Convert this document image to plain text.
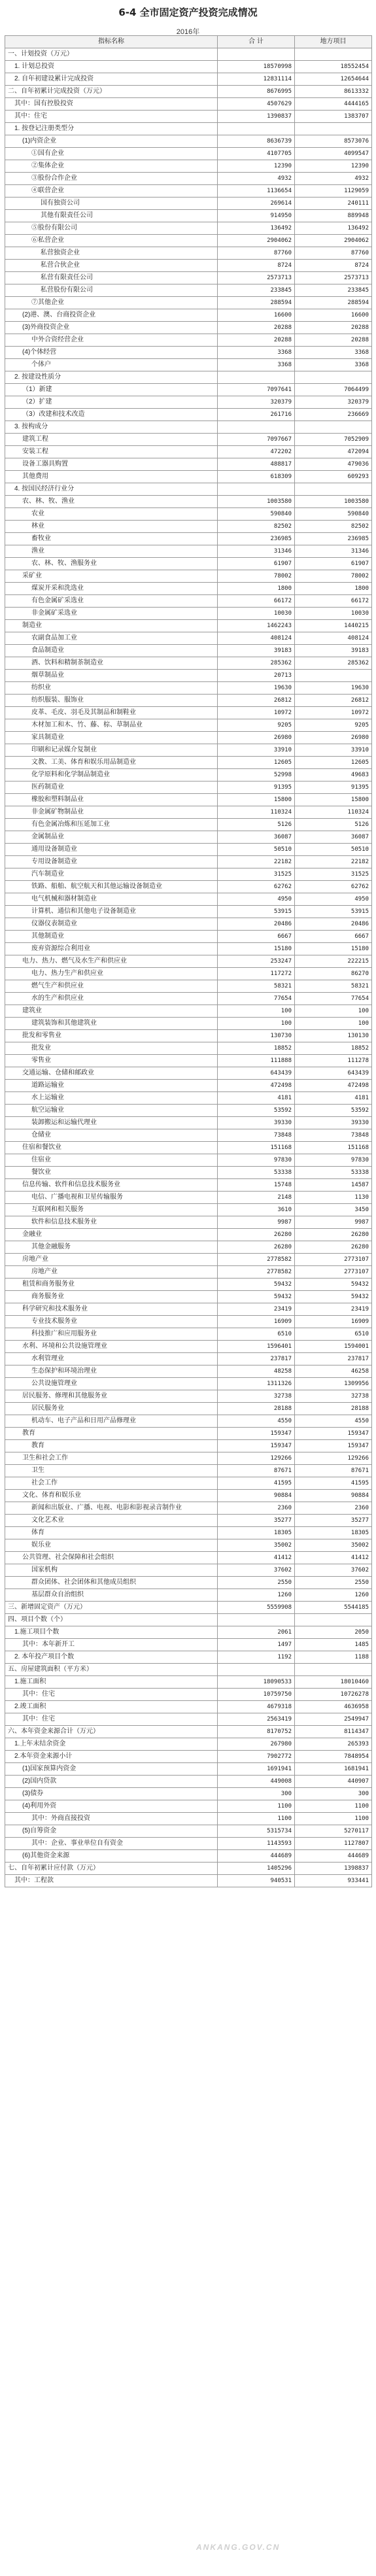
6-4 全市固定资产投资完成情况
2016年
指标名称	合 计	地方项目
一、计划投资（万元）		
1. 计划总投资	18570998	18552454
2. 自年初建设累计完成投资	12831114	12654644
二、自年初累计完成投资（万元）	8676995	8613332
其中：国有控股投资	4507629	4444165
其中：住宅	1390837	1383707
1. 按登记注册类型分		
(1)内资企业	8636739	8573076
①国有企业	4107705	4099547
②集体企业	12390	12390
③股份合作企业	4932	4932
④联营企业	1136654	1129059
国有独资公司	269614	240111
其他有限责任公司	914950	889948
⑤股份有限公司	136492	136492
⑥私营企业	2904062	2904062
私营独资企业	87760	87760
私营合伙企业	8724	8724
私营有限责任公司	2573713	2573713
私营股份有限公司	233845	233845
⑦其他企业	288594	288594
(2)港、澳、台商投资企业	16600	16600
(3)外商投资企业	20288	20288
中外合资经营企业	20288	20288
(4)个体经营	3368	3368
个体户	3368	3368
2. 按建设性质分		
（1）新建	7097641	7064499
（2）扩建	320379	320379
（3）改建和技术改造	261716	236669
3. 按构成分		
建筑工程	7097667	7052909
安装工程	472202	472094
设备工器具购置	488817	479036
其他费用	618309	609293
4. 按国民经济行业分		
农、林、牧、渔业	1003580	1003580
农业	590840	590840
林业	82502	82502
畜牧业	236985	236985
渔业	31346	31346
农、林、牧、渔服务业	61907	61907
采矿业	78002	78002
煤炭开采和洗选业	1800	1800
有色金属矿采选业	66172	66172
非金属矿采选业	10030	10030
制造业	1462243	1440215
农副食品加工业	408124	408124
食品制造业	39183	39183
酒、饮料和精制茶制造业	285362	285362
烟草制品业	20713	
纺织业	19630	19630
纺织服装、服饰业	26812	26812
皮革、毛皮、羽毛及其制品和制鞋业	10972	10972
木材加工和木、竹、藤、棕、草制品业	9205	9205
家具制造业	26980	26980
印刷和记录媒介复制业	33910	33910
文教、工美、体育和娱乐用品制造业	12605	12605
化学原料和化学制品制造业	52998	49683
医药制造业	91395	91395
橡胶和塑料制品业	15800	15800
非金属矿物制品业	110324	110324
有色金属冶炼和压延加工业	5126	5126
金属制品业	36087	36087
通用设备制造业	50510	50510
专用设备制造业	22182	22182
汽车制造业	31525	31525
铁路、船舶、航空航天和其他运输设备制造业	62762	62762
电气机械和器材制造业	4950	4950
计算机、通信和其他电子设备制造业	53915	53915
仪器仪表制造业	20486	20486
其他制造业	6667	6667
废弃资源综合利用业	15180	15180
电力、热力、燃气及水生产和供应业	253247	222215
电力、热力生产和供应业	117272	86270
燃气生产和供应业	58321	58321
水的生产和供应业	77654	77654
建筑业	100	100
建筑装饰和其他建筑业	100	100
批发和零售业	130730	130130
批发业	18852	18852
零售业	111888	111278
交通运输、仓储和邮政业	643439	643439
道路运输业	472498	472498
水上运输业	4181	4181
航空运输业	53592	53592
装卸搬运和运输代理业	39330	39330
仓储业	73848	73848
住宿和餐饮业	151168	151168
住宿业	97830	97830
餐饮业	53338	53338
信息传输、软件和信息技术服务业	15748	14587
电信、广播电视和卫星传输服务	2148	1130
互联网和相关服务	3610	3450
软件和信息技术服务业	9987	9987
金融业	26280	26280
其他金融服务	26280	26280
房地产业	2778582	2773107
房地产业	2778582	2773107
租赁和商务服务业	59432	59432
商务服务业	59432	59432
科学研究和技术服务业	23419	23419
专业技术服务业	16909	16909
科技推广和应用服务业	6510	6510
水利、环境和公共设施管理业	1596401	1594001
水利管理业	237817	237817
生态保护和环境治理业	48258	46258
公共设施管理业	1311326	1309956
居民服务、修理和其他服务业	32738	32738
居民服务业	28188	28188
机动车、电子产品和日用产品修理业	4550	4550
教育	159347	159347
教育	159347	159347
卫生和社会工作	129266	129266
卫生	87671	87671
社会工作	41595	41595
文化、体育和娱乐业	90884	90884
新闻和出版业、广播、电视、电影和影视录音制作业	2360	2360
文化艺术业	35277	35277
体育	18305	18305
娱乐业	35002	35002
公共管理、社会保障和社会组织	41412	41412
国家机构	37602	37602
群众团体、社会团体和其他成员组织	2550	2550
基层群众自治组织	1260	1260
三、新增固定资产（万元）	5559908	5544185
四、项目个数（个）		
1.施工项目个数	2061	2050
其中：本年新开工	1497	1485
2. 本年投产项目个数	1192	1188
五、房屋建筑面积（平方米）		
1.施工面积	18090533	18010460
其中：住宅	10759750	10726278
2.竣工面积	4679318	4636958
其中：住宅	2563419	2549947
六、本年资金来源合计（万元）	8170752	8114347
1.上年末结余资金	267980	265393
2.本年资金来源小计	7902772	7848954
(1)国家预算内资金	1691941	1681941
(2)国内贷款	449008	440907
(3)债券	300	300
(4)利用外资	1100	1100
其中：外商直接投资	1100	1100
(5)自筹资金	5315734	5270117
其中：企业、事业单位自有资金	1143593	1127807
(6)其他资金来源	444689	444689
七、自年初累计应付款（万元）	1405296	1398837
其中：工程款	940531	933441
ANKANG.GOV.CN
